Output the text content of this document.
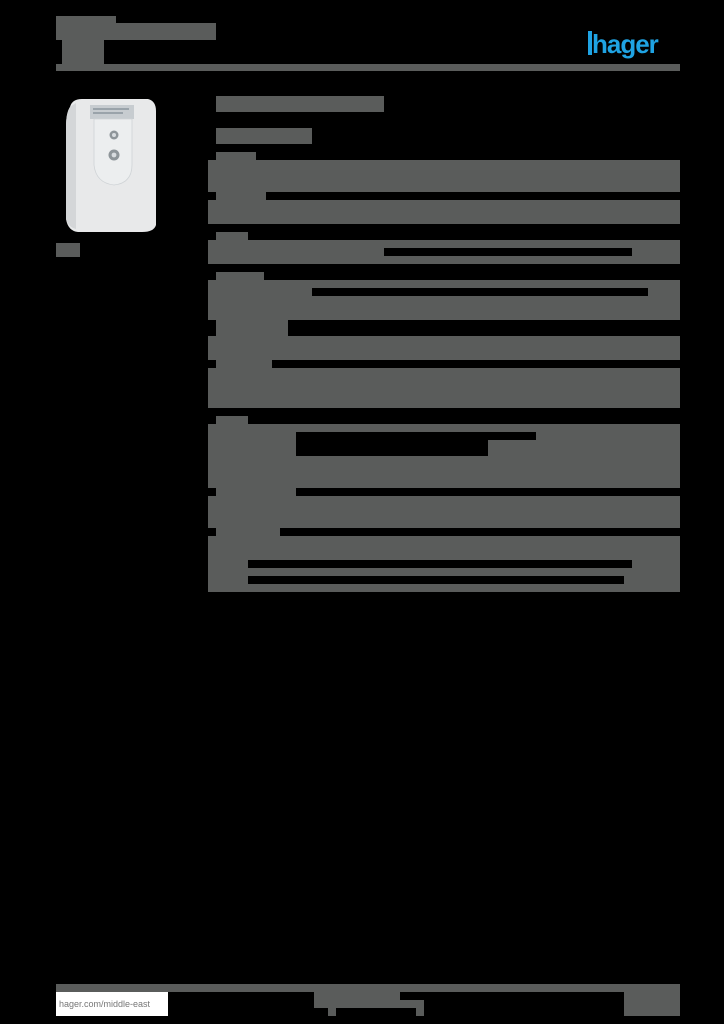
hager
hager.com/middle-east
